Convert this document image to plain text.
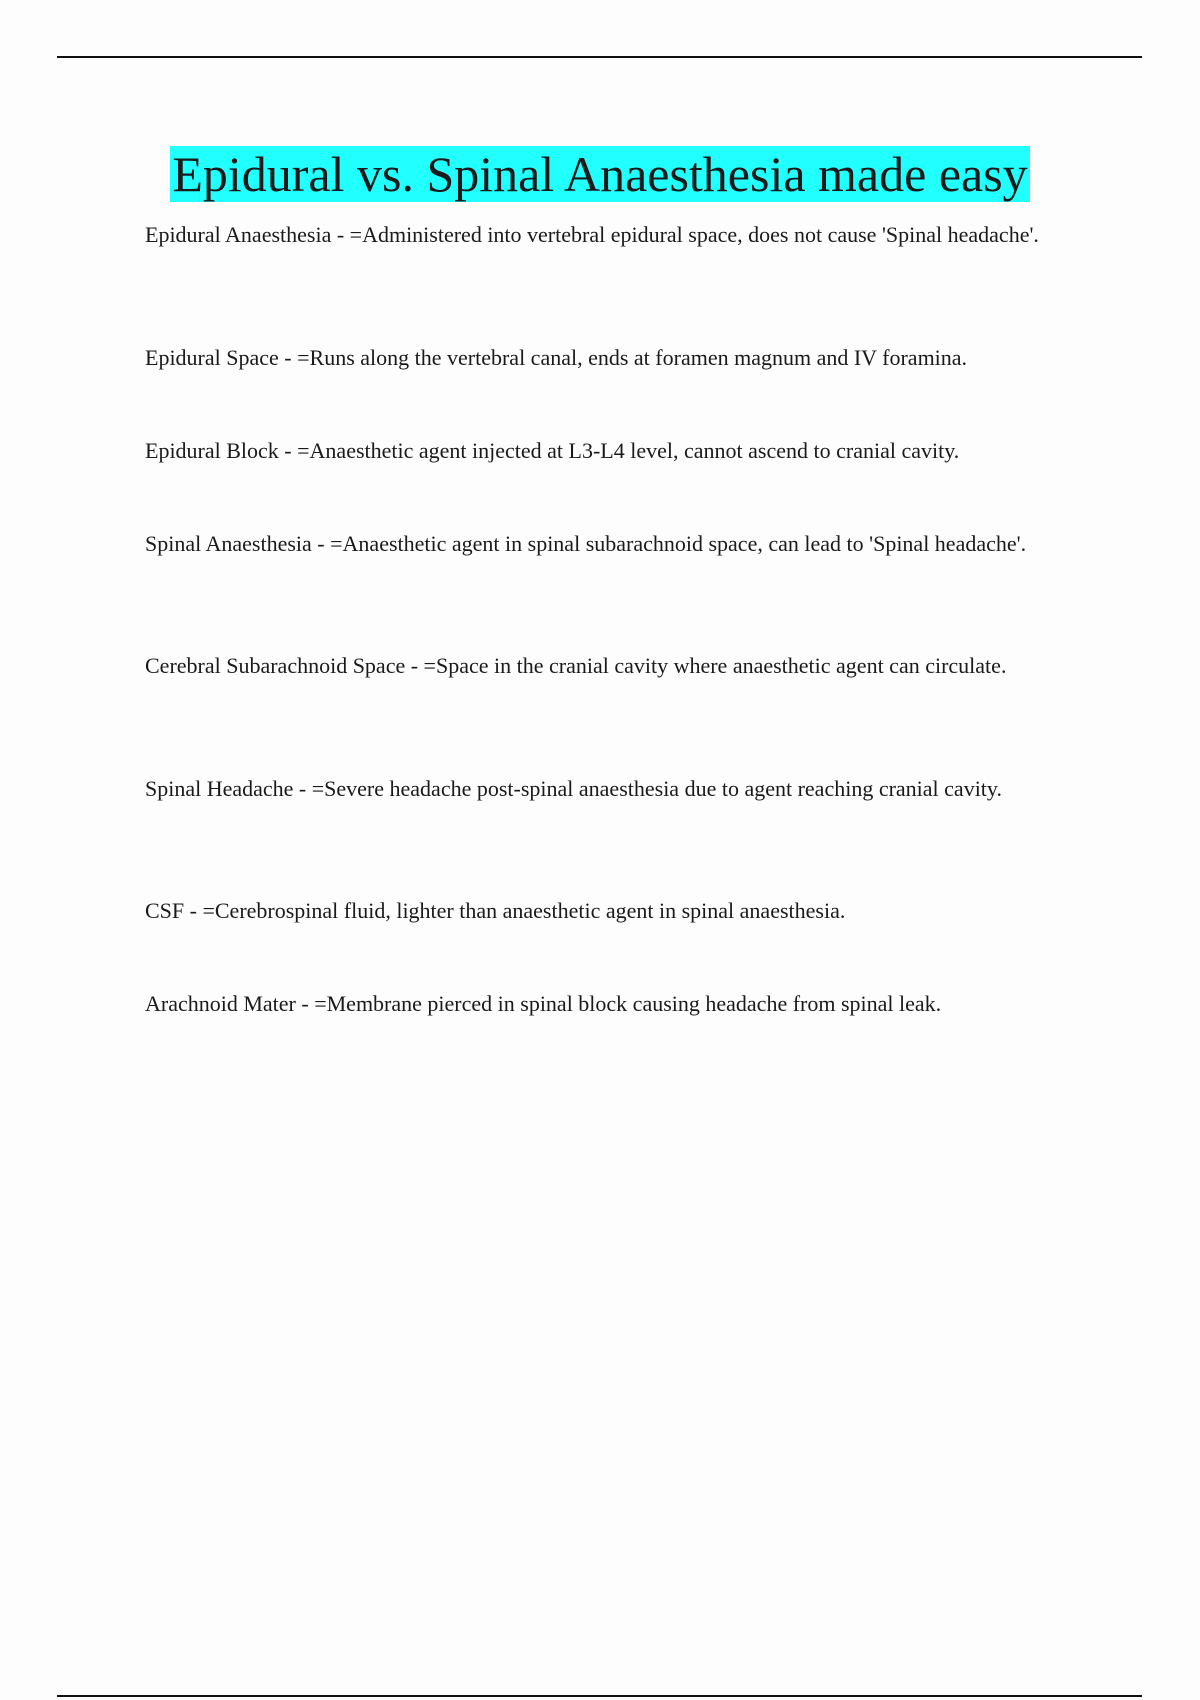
Epidural vs. Spinal Anaesthesia made easy

Epidural Anaesthesia - =Administered into vertebral epidural space, does not cause 'Spinal headache'.

Epidural Space - =Runs along the vertebral canal, ends at foramen magnum and IV foramina.

Epidural Block - =Anaesthetic agent injected at L3-L4 level, cannot ascend to cranial cavity.

Spinal Anaesthesia - =Anaesthetic agent in spinal subarachnoid space, can lead to 'Spinal headache'.

Cerebral Subarachnoid Space - =Space in the cranial cavity where anaesthetic agent can circulate.

Spinal Headache - =Severe headache post-spinal anaesthesia due to agent reaching cranial cavity.

CSF - =Cerebrospinal fluid, lighter than anaesthetic agent in spinal anaesthesia.

Arachnoid Mater - =Membrane pierced in spinal block causing headache from spinal leak.
